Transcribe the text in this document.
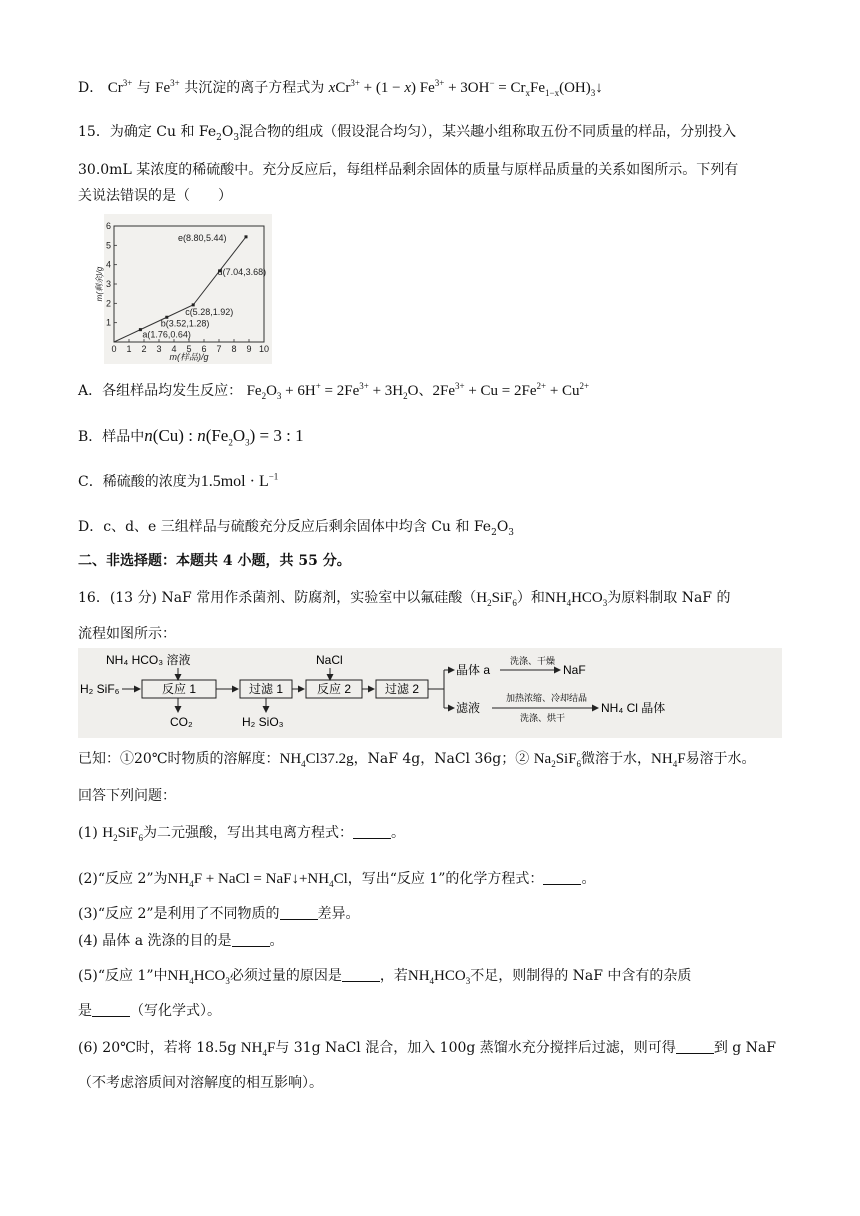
D． $Cr^{3+}$ 与 $Fe^{3+}$ 共沉淀的离子方程式为 xCr$^{3+}$ + (1 − x) $Fe^{3+} + 3OH^-$ = $Cr_xFe_{1-x}(OH)_3↓$
15．为确定 Cu 和 $Fe_2O_3$混合物的组成（假设混合均匀），某兴趣小组称取五份不同质量的样品，分别投入
30.0mL 某浓度的稀硫酸中。充分反应后，每组样品剩余固体的质量与原样品质量的关系如图所示。下列有
关说法错误的是（　　）
0 1 2 3 4 5 6 7 8 9 10
1
2
3
4
5
6
m(样品)/g
m(剩余)/g
a(1.76,0.64)
b(3.52,1.28)
c(5.28,1.92)
d(7.04,3.68)
e(8.80,5.44)
A．各组样品均发生反应： $Fe_2O_3 + 6H^+ = 2Fe^{3+} + 3H_2O$、$2Fe^{3+} + Cu = 2Fe^{2+} + Cu^{2+}$
B．样品中n(Cu) : $n(Fe_2O_3) = 3$ : 1
C．稀硫酸的浓度为$1.5mol \cdot L^{-1}$
D．c、d、e 三组样品与硫酸充分反应后剩余固体中均含 Cu 和 $Fe_2O_3$
二、非选择题：本题共 4 小题，共 55 分。
16．(13 分) NaF 常用作杀菌剂、防腐剂，实验室中以氟硅酸$(H_2SiF_6)$和$NH_4HCO_3$为原料制取 NaF 的
流程如图所示：
NH₄ HCO₃ 溶液
H₂ SiF₆	反应 1
CO₂
过滤 1
H₂ SiO₃
NaCl
反应 2	过滤 2
晶体 a
洗涤、干燥
NaF
滤液
加热浓缩、冷却结晶
洗涤、烘干
NH₄ Cl 晶体
已知：①20℃时物质的溶解度：$NH_4Cl37.2g$，NaF 4g，NaCl 36g；② $Na_2SiF_6$微溶于水，$NH_4F$易溶于水。
回答下列问题：
(1) $H_2SiF_6$为二元强酸，写出其电离方程式：	。
(2)“反应 2”为$NH_4F$ + NaCl = $NaF↓+NH_4Cl$，写出“反应 1”的化学方程式：	。
(3)“反应 2”是利用了不同物质的	差异。
(4) 晶体 a 洗涤的目的是	。
(5)“反应 1”中$NH_4HCO_3$必须过量的原因是	，若$NH_4HCO_3$不足，则制得的 NaF 中含有的杂质
是	（写化学式）。
(6) 20℃时，若将 18.5g $NH_4F$与 31g NaCl 混合，加入 100g 蒸馏水充分搅拌后过滤，则可得	到 g NaF
（不考虑溶质间对溶解度的相互影响）。
